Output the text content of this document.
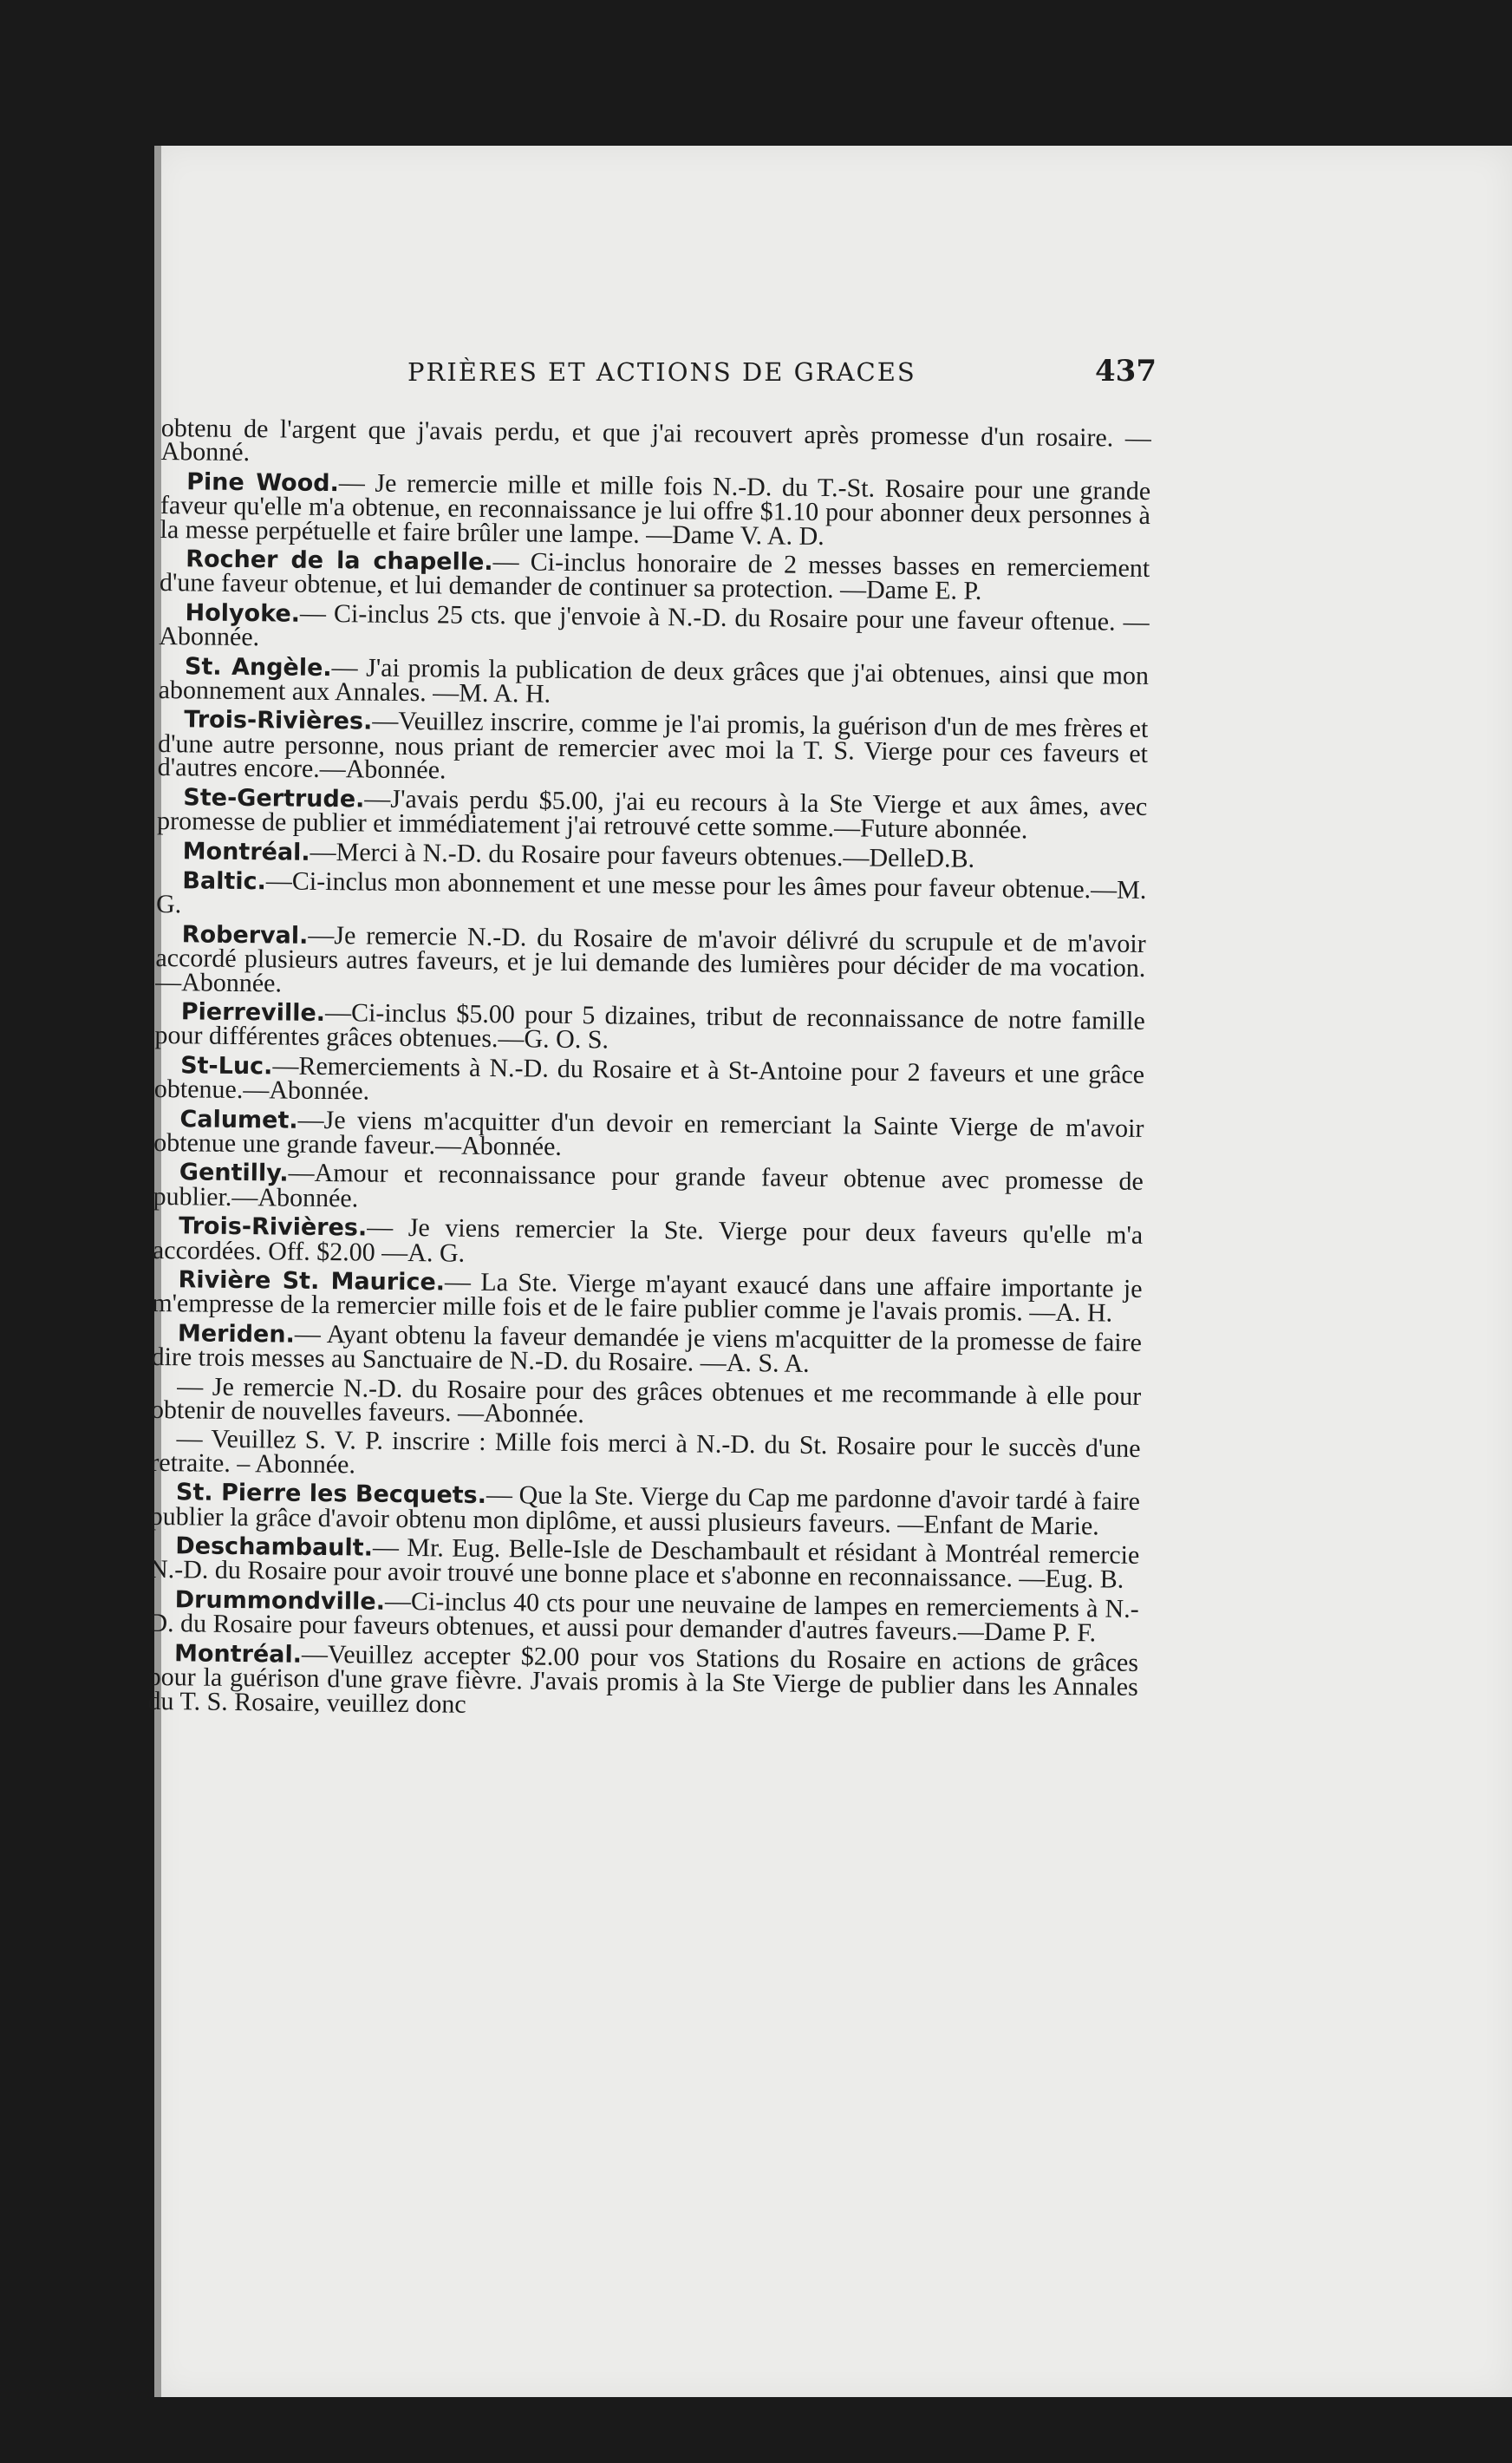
PRIÈRES ET ACTIONS DE GRACES	437

obtenu de l'argent que j'avais perdu, et que j'ai recouvert après promesse d'un rosaire. —Abonné.

Pine Wood.— Je remercie mille et mille fois N.-D. du T.-St. Rosaire pour une grande faveur qu'elle m'a obtenue, en reconnaissance je lui offre $1.10 pour abonner deux personnes à la messe perpétuelle et faire brûler une lampe. —Dame V. A. D.

Rocher de la chapelle.— Ci-inclus honoraire de 2 messes basses en remerciement d'une faveur obtenue, et lui demander de continuer sa protection. —Dame E. P.

Holyoke.— Ci-inclus 25 cts. que j'envoie à N.-D. du Rosaire pour une faveur oftenue. —Abonnée.

St. Angèle.— J'ai promis la publication de deux grâces que j'ai obtenues, ainsi que mon abonnement aux Annales. —M. A. H.

Trois-Rivières.—Veuillez inscrire, comme je l'ai promis, la guérison d'un de mes frères et d'une autre personne, nous priant de remercier avec moi la T. S. Vierge pour ces faveurs et d'autres encore.—Abonnée.

Ste-Gertrude.—J'avais perdu $5.00, j'ai eu recours à la Ste Vierge et aux âmes, avec promesse de publier et immédiatement j'ai retrouvé cette somme.—Future abonnée.

Montréal.—Merci à N.-D. du Rosaire pour faveurs obtenues.—DelleD.B.

Baltic.—Ci-inclus mon abonnement et une messe pour les âmes pour faveur obtenue.—M. G.

Roberval.—Je remercie N.-D. du Rosaire de m'avoir délivré du scrupule et de m'avoir accordé plusieurs autres faveurs, et je lui demande des lumières pour décider de ma vocation.—Abonnée.

Pierreville.—Ci-inclus $5.00 pour 5 dizaines, tribut de reconnaissance de notre famille pour différentes grâces obtenues.—G. O. S.

St-Luc.—Remerciements à N.-D. du Rosaire et à St-Antoine pour 2 faveurs et une grâce obtenue.—Abonnée.

Calumet.—Je viens m'acquitter d'un devoir en remerciant la Sainte Vierge de m'avoir obtenue une grande faveur.—Abonnée.

Gentilly.—Amour et reconnaissance pour grande faveur obtenue avec promesse de publier.—Abonnée.

Trois-Rivières.— Je viens remercier la Ste. Vierge pour deux faveurs qu'elle m'a accordées. Off. $2.00 —A. G.

Rivière St. Maurice.— La Ste. Vierge m'ayant exaucé dans une affaire importante je m'empresse de la remercier mille fois et de le faire publier comme je l'avais promis. —A. H.

Meriden.— Ayant obtenu la faveur demandée je viens m'acquitter de la promesse de faire dire trois messes au Sanctuaire de N.-D. du Rosaire. —A. S. A.

— Je remercie N.-D. du Rosaire pour des grâces obtenues et me recommande à elle pour obtenir de nouvelles faveurs. —Abonnée.

— Veuillez S. V. P. inscrire : Mille fois merci à N.-D. du St. Rosaire pour le succès d'une retraite. – Abonnée.

St. Pierre les Becquets.— Que la Ste. Vierge du Cap me pardonne d'avoir tardé à faire publier la grâce d'avoir obtenu mon diplôme, et aussi plusieurs faveurs. —Enfant de Marie.

Deschambault.— Mr. Eug. Belle-Isle de Deschambault et résidant à Montréal remercie N.-D. du Rosaire pour avoir trouvé une bonne place et s'abonne en reconnaissance. —Eug. B.

Drummondville.—Ci-inclus 40 cts pour une neuvaine de lampes en remerciements à N.-D. du Rosaire pour faveurs obtenues, et aussi pour demander d'autres faveurs.—Dame P. F.

Montréal.—Veuillez accepter $2.00 pour vos Stations du Rosaire en actions de grâces pour la guérison d'une grave fièvre. J'avais promis à la Ste Vierge de publier dans les Annales du T. S. Rosaire, veuillez donc
